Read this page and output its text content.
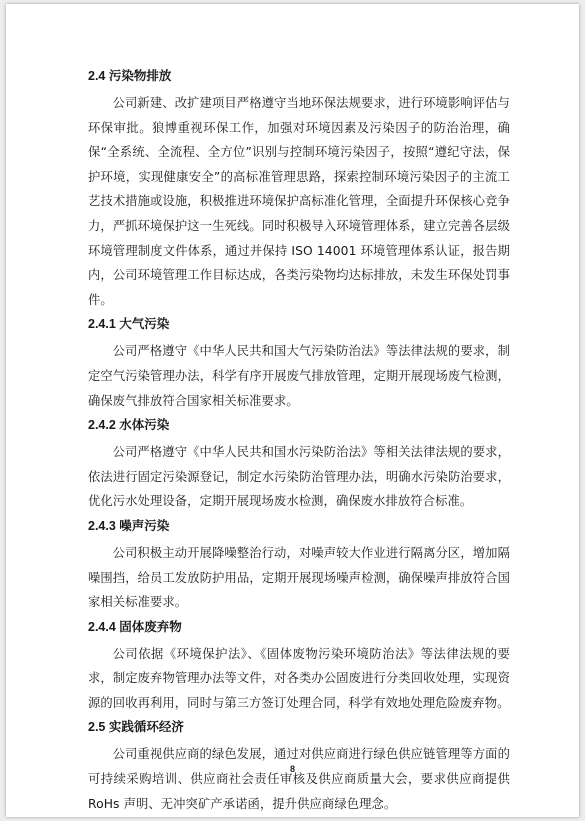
2.4 污染物排放

公司新建、改扩建项目严格遵守当地环保法规要求，进行环境影响评估与环保审批。狼博重视环保工作，加强对环境因素及污染因子的防治治理，确保“全系统、全流程、全方位”识别与控制环境污染因子，按照“遵纪守法，保护环境，实现健康安全”的高标准管理思路，探索控制环境污染因子的主流工艺技术措施或设施，积极推进环境保护高标准化管理，全面提升环保核心竞争力，严抓环境保护这一生死线。同时积极导入环境管理体系，建立完善各层级环境管理制度文件体系，通过并保持 ISO 14001 环境管理体系认证，报告期内，公司环境管理工作目标达成，各类污染物均达标排放，未发生环保处罚事件。

2.4.1 大气污染

公司严格遵守《中华人民共和国大气污染防治法》等法律法规的要求，制定空气污染管理办法，科学有序开展废气排放管理，定期开展现场废气检测，确保废气排放符合国家相关标准要求。

2.4.2 水体污染

公司严格遵守《中华人民共和国水污染防治法》等相关法律法规的要求，依法进行固定污染源登记，制定水污染防治管理办法，明确水污染防治要求，优化污水处理设备，定期开展现场废水检测，确保废水排放符合标准。

2.4.3 噪声污染

公司积极主动开展降噪整治行动，对噪声较大作业进行隔离分区，增加隔噪围挡，给员工发放防护用品，定期开展现场噪声检测，确保噪声排放符合国家相关标准要求。

2.4.4 固体废弃物

公司依据《环境保护法》、《固体废物污染环境防治法》等法律法规的要求，制定废弃物管理办法等文件，对各类办公固废进行分类回收处理，实现资源的回收再利用，同时与第三方签订处理合同，科学有效地处理危险废弃物。

2.5 实践循环经济

公司重视供应商的绿色发展，通过对供应商进行绿色供应链管理等方面的可持续采购培训、供应商社会责任审核及供应商质量大会，要求供应商提供 RoHs 声明、无冲突矿产承诺函，提升供应商绿色理念。

8
